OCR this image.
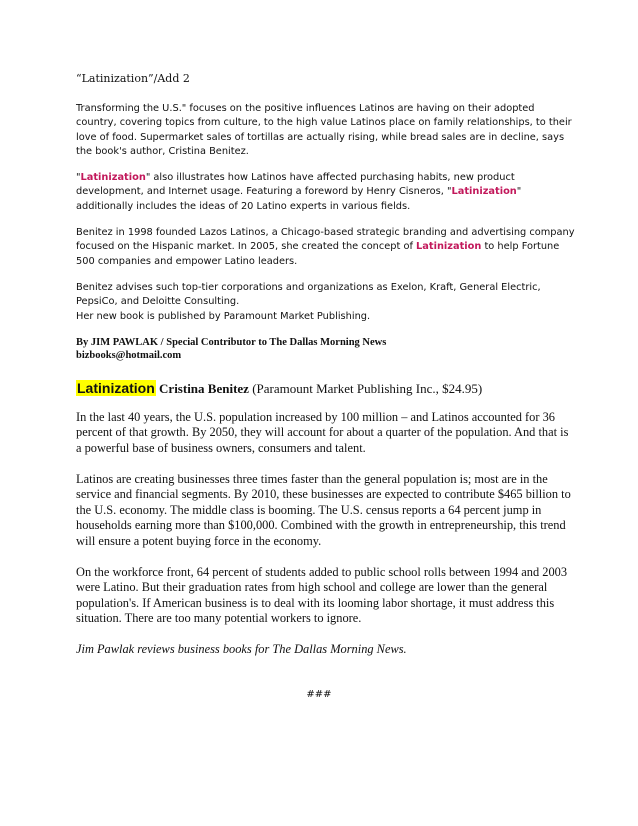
“Latinization”/Add 2

Transforming the U.S." focuses on the positive influences Latinos are having on their adopted country, covering topics from culture, to the high value Latinos place on family relationships, to their love of food. Supermarket sales of tortillas are actually rising, while bread sales are in decline, says the book's author, Cristina Benitez.

"Latinization" also illustrates how Latinos have affected purchasing habits, new product development, and Internet usage. Featuring a foreword by Henry Cisneros, "Latinization" additionally includes the ideas of 20 Latino experts in various fields.

Benitez in 1998 founded Lazos Latinos, a Chicago-based strategic branding and advertising company focused on the Hispanic market. In 2005, she created the concept of Latinization to help Fortune 500 companies and empower Latino leaders.

Benitez advises such top-tier corporations and organizations as Exelon, Kraft, General Electric, PepsiCo, and Deloitte Consulting.
Her new book is published by Paramount Market Publishing.

By JIM PAWLAK / Special Contributor to The Dallas Morning News
bizbooks@hotmail.com

Latinization Cristina Benitez (Paramount Market Publishing Inc., $24.95)

In the last 40 years, the U.S. population increased by 100 million – and Latinos accounted for 36 percent of that growth. By 2050, they will account for about a quarter of the population. And that is a powerful base of business owners, consumers and talent.

Latinos are creating businesses three times faster than the general population is; most are in the service and financial segments. By 2010, these businesses are expected to contribute $465 billion to the U.S. economy. The middle class is booming. The U.S. census reports a 64 percent jump in households earning more than $100,000. Combined with the growth in entrepreneurship, this trend will ensure a potent buying force in the economy.

On the workforce front, 64 percent of students added to public school rolls between 1994 and 2003 were Latino. But their graduation rates from high school and college are lower than the general population's. If American business is to deal with its looming labor shortage, it must address this situation. There are too many potential workers to ignore.

Jim Pawlak reviews business books for The Dallas Morning News.

###
